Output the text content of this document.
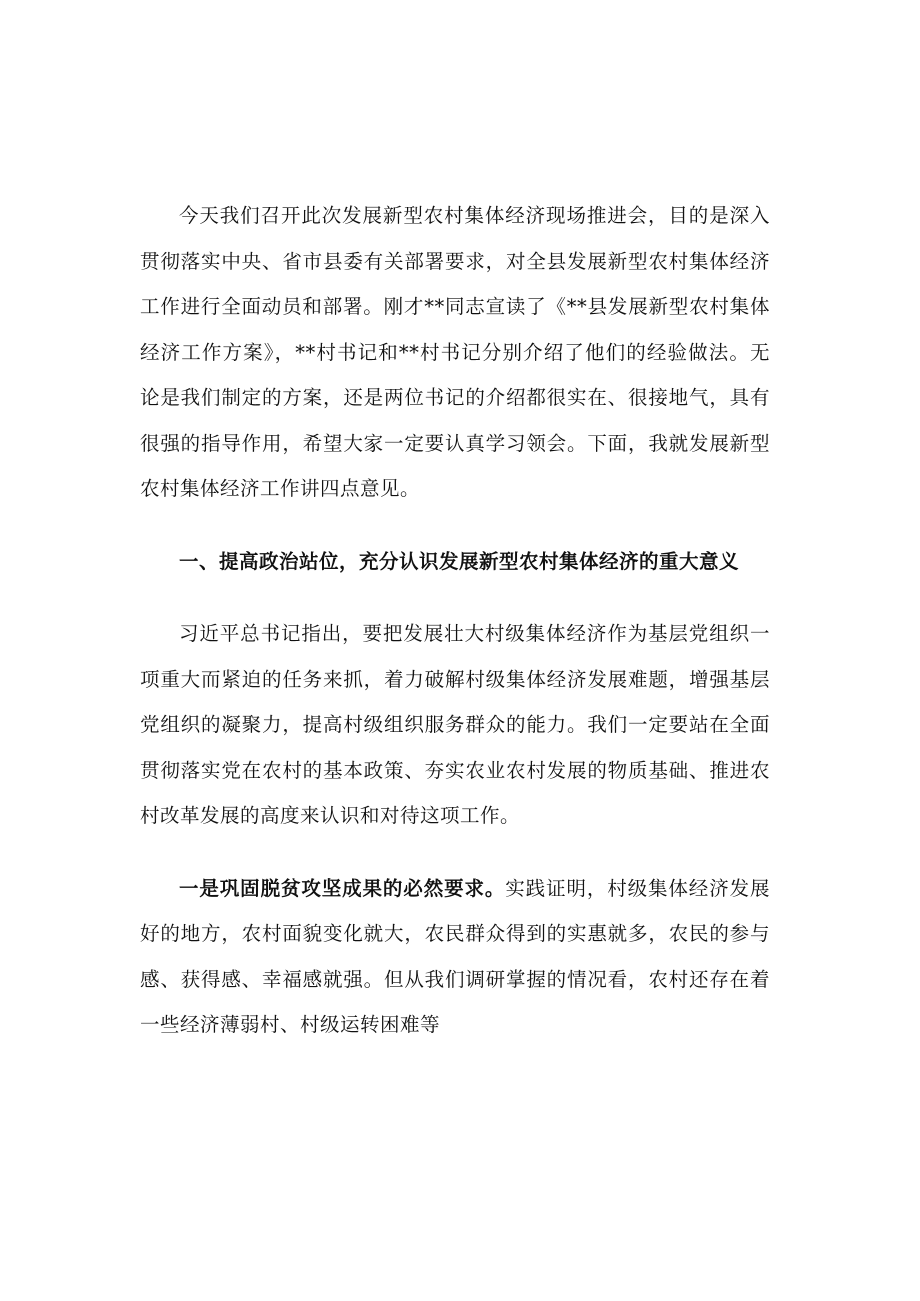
今天我们召开此次发展新型农村集体经济现场推进会，目的是深入贯彻落实中央、省市县委有关部署要求，对全县发展新型农村集体经济工作进行全面动员和部署。刚才**同志宣读了《**县发展新型农村集体经济工作方案》，**村书记和**村书记分别介绍了他们的经验做法。无论是我们制定的方案，还是两位书记的介绍都很实在、很接地气，具有很强的指导作用，希望大家一定要认真学习领会。下面，我就发展新型农村集体经济工作讲四点意见。

一、提高政治站位，充分认识发展新型农村集体经济的重大意义

习近平总书记指出，要把发展壮大村级集体经济作为基层党组织一项重大而紧迫的任务来抓，着力破解村级集体经济发展难题，增强基层党组织的凝聚力，提高村级组织服务群众的能力。我们一定要站在全面贯彻落实党在农村的基本政策、夯实农业农村发展的物质基础、推进农村改革发展的高度来认识和对待这项工作。

一是巩固脱贫攻坚成果的必然要求。实践证明，村级集体经济发展好的地方，农村面貌变化就大，农民群众得到的实惠就多，农民的参与感、获得感、幸福感就强。但从我们调研掌握的情况看，农村还存在着一些经济薄弱村、村级运转困难等
